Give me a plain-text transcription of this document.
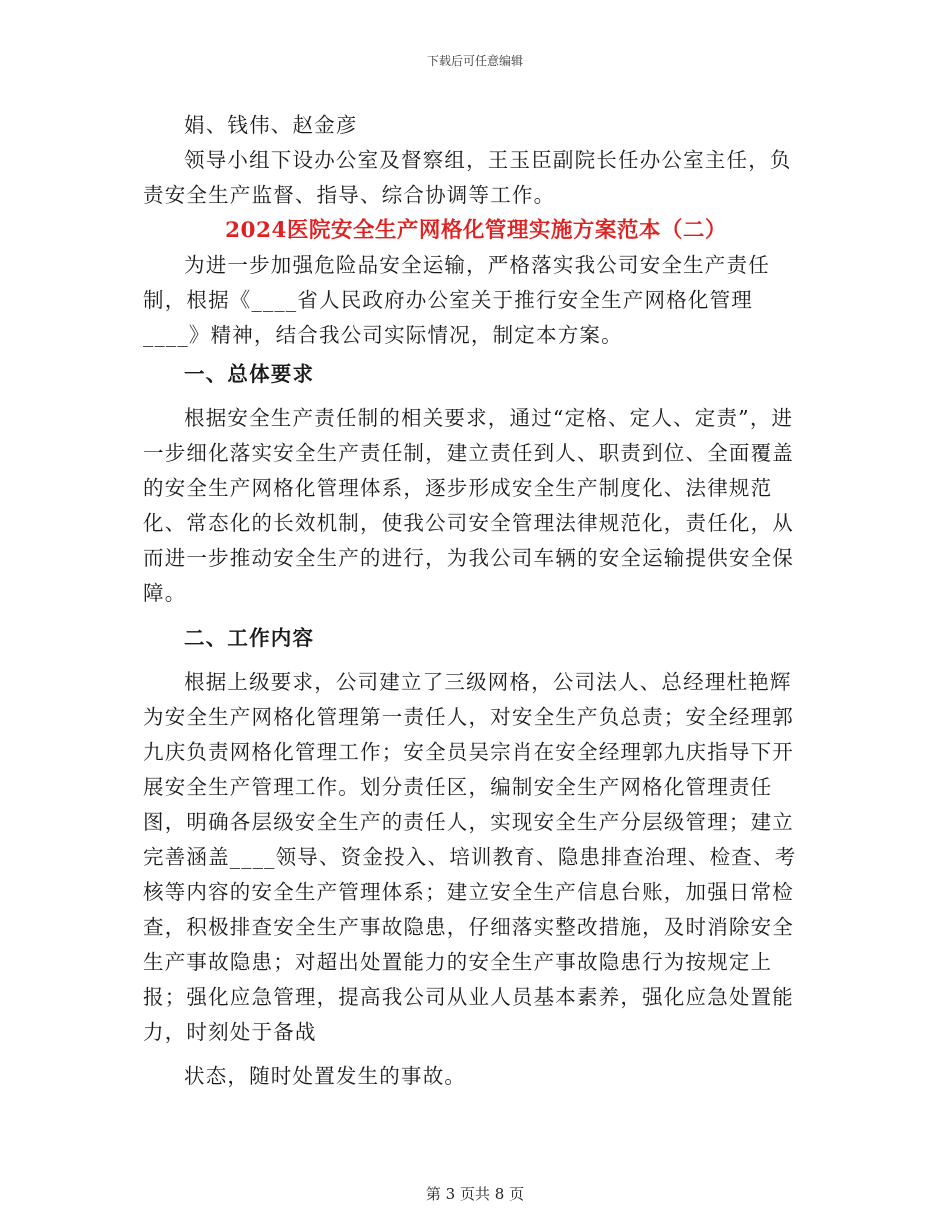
下载后可任意编辑

娟、钱伟、赵金彦

领导小组下设办公室及督察组，王玉臣副院长任办公室主任，负责安全生产监督、指导、综合协调等工作。

2024医院安全生产网格化管理实施方案范本（二）

为进一步加强危险品安全运输，严格落实我公司安全生产责任制，根据《____省人民政府办公室关于推行安全生产网格化管理____》精神，结合我公司实际情况，制定本方案。

一、总体要求

根据安全生产责任制的相关要求，通过“定格、定人、定责”，进一步细化落实安全生产责任制，建立责任到人、职责到位、全面覆盖的安全生产网格化管理体系，逐步形成安全生产制度化、法律规范化、常态化的长效机制，使我公司安全管理法律规范化，责任化，从而进一步推动安全生产的进行，为我公司车辆的安全运输提供安全保障。

二、工作内容

根据上级要求，公司建立了三级网格，公司法人、总经理杜艳辉为安全生产网格化管理第一责任人，对安全生产负总责；安全经理郭九庆负责网格化管理工作；安全员吴宗肖在安全经理郭九庆指导下开展安全生产管理工作。划分责任区，编制安全生产网格化管理责任图，明确各层级安全生产的责任人，实现安全生产分层级管理；建立完善涵盖____领导、资金投入、培训教育、隐患排查治理、检查、考核等内容的安全生产管理体系；建立安全生产信息台账，加强日常检查，积极排查安全生产事故隐患，仔细落实整改措施，及时消除安全生产事故隐患；对超出处置能力的安全生产事故隐患行为按规定上报；强化应急管理，提高我公司从业人员基本素养，强化应急处置能力，时刻处于备战

状态，随时处置发生的事故。

第 3 页共 8 页
